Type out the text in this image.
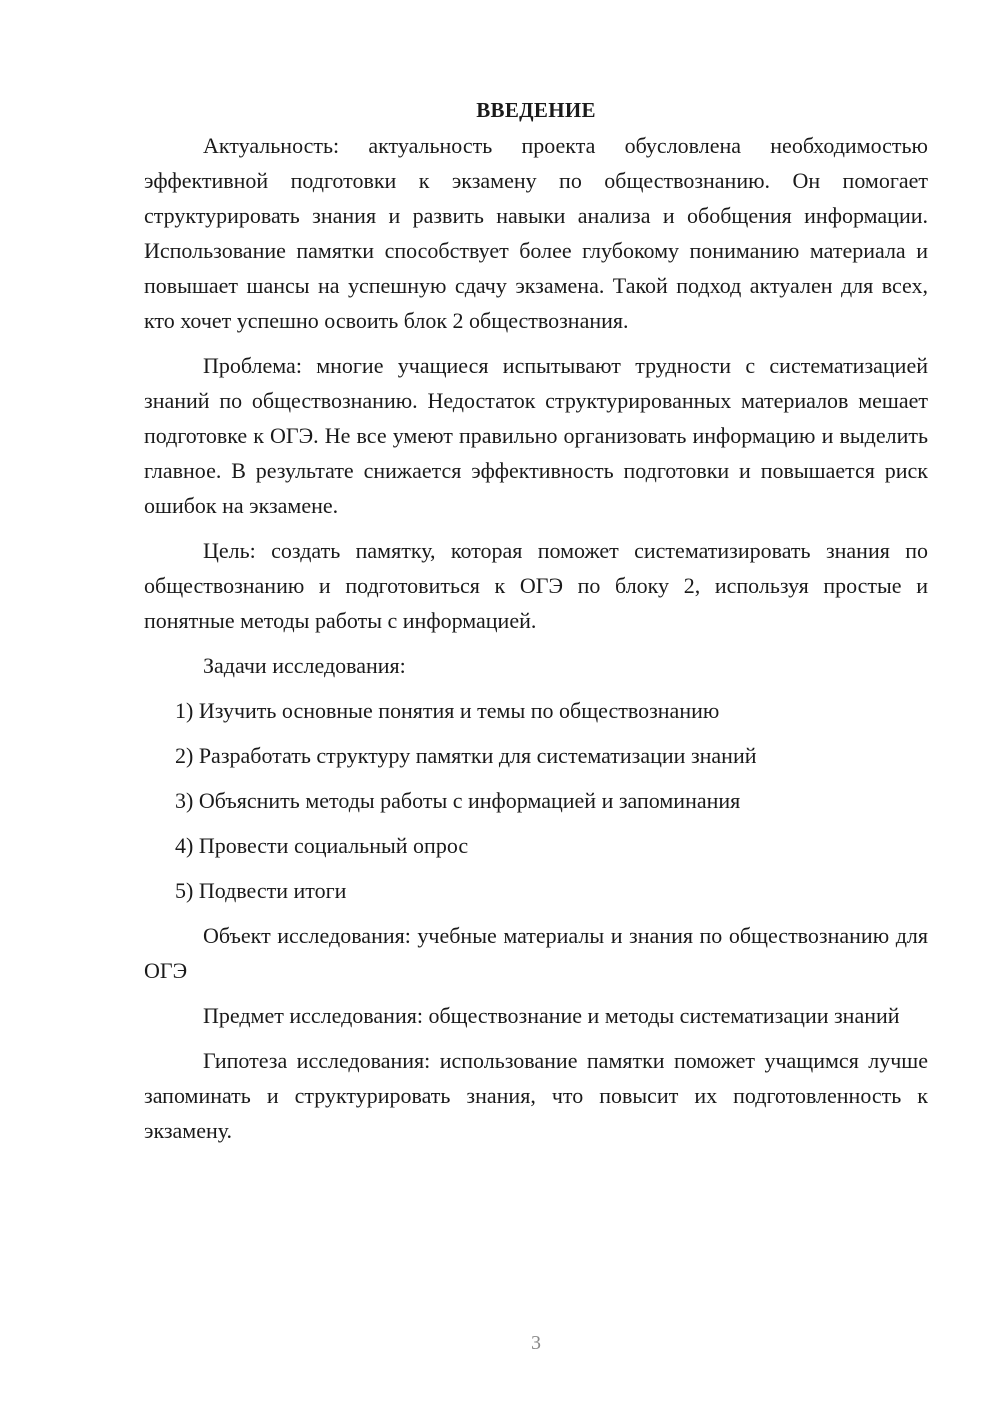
ВВЕДЕНИЕ

Актуальность: актуальность проекта обусловлена необходимостью эффективной подготовки к экзамену по обществознанию. Он помогает структурировать знания и развить навыки анализа и обобщения информации. Использование памятки способствует более глубокому пониманию материала и повышает шансы на успешную сдачу экзамена. Такой подход актуален для всех, кто хочет успешно освоить блок 2 обществознания.

Проблема: многие учащиеся испытывают трудности с систематизацией знаний по обществознанию. Недостаток структурированных материалов мешает подготовке к ОГЭ. Не все умеют правильно организовать информацию и выделить главное. В результате снижается эффективность подготовки и повышается риск ошибок на экзамене.

Цель: создать памятку, которая поможет систематизировать знания по обществознанию и подготовиться к ОГЭ по блоку 2, используя простые и понятные методы работы с информацией.

Задачи исследования:

1) Изучить основные понятия и темы по обществознанию
2) Разработать структуру памятки для систематизации знаний
3) Объяснить методы работы с информацией и запоминания
4) Провести социальный опрос
5) Подвести итоги

Объект исследования: учебные материалы и знания по обществознанию для ОГЭ

Предмет исследования: обществознание и методы систематизации знаний

Гипотеза исследования: использование памятки поможет учащимся лучше запоминать и структурировать знания, что повысит их подготовленность к экзамену.

3
